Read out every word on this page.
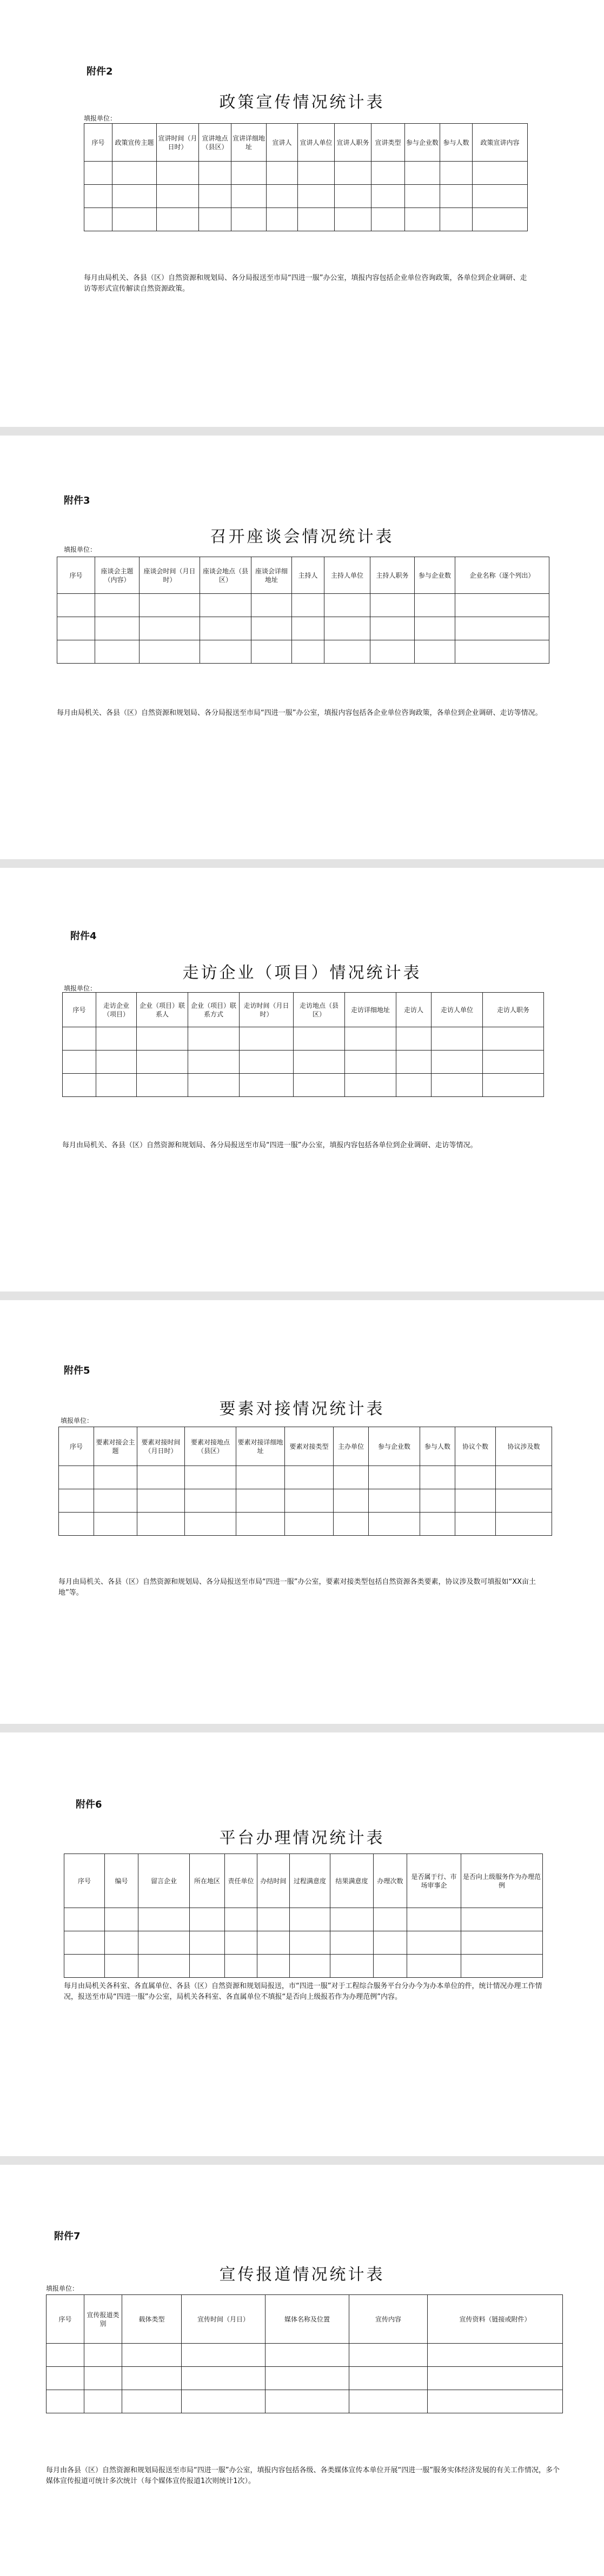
附件2
政策宣传情况统计表
填报单位：
序号	政策宣传主题	宣讲时间（月日时）	宣讲地点（县区）	宣讲详细地址	宣讲人	宣讲人单位	宣讲人职务	宣讲类型	参与企业数	参与人数	政策宣讲内容

每月由局机关、各县（区）自然资源和规划局、各分局报送至市局“四进一服”办公室，填报内容包括企业单位咨询政策，各单位到企业调研、走访等形式宣传解读自然资源政策。
附件3
召开座谈会情况统计表
填报单位：
序号	座谈会主题（内容）	座谈会时间（月日时）	座谈会地点（县区）	座谈会详细地址	主持人	主持人单位	主持人职务	参与企业数	企业名称（逐个列出）

每月由局机关、各县（区）自然资源和规划局、各分局报送至市局“四进一服”办公室，填报内容包括各企业单位咨询政策，各单位到企业调研、走访等情况。
附件4
走访企业（项目）情况统计表
填报单位：
序号	走访企业（项目）	企业（项目）联系人	企业（项目）联系方式	走访时间（月日时）	走访地点（县区）	走访详细地址	走访人	走访人单位	走访人职务

每月由局机关、各县（区）自然资源和规划局、各分局报送至市局“四进一服”办公室，填报内容包括各单位到企业调研、走访等情况。
附件5
要素对接情况统计表
填报单位：
序号	要素对接会主题	要素对接时间（月日时）	要素对接地点（县区）	要素对接详细地址	要素对接类型	主办单位	参与企业数	参与人数	协议个数	协议涉及数

每月由局机关、各县（区）自然资源和规划局、各分局报送至市局“四进一服”办公室，要素对接类型包括自然资源各类要素，协议涉及数可填报如“XX亩土地”等。
附件6
平台办理情况统计表
序号	编号	留言企业	所在地区	责任单位	办结时间	过程满意度	结果满意度	办理次数	是否属于行、市场审事企	是否向上级服务作为办理范例

每月由局机关各科室、各直属单位、各县（区）自然资源和规划局报送，市“四进一服”对于工程综合服务平台分办今为办本单位的件，统计情况办理工作情况，报送至市局“四进一服”办公室，局机关各科室、各直属单位不填报“是否向上级报若作为办理范例”内容。
附件7
宣传报道情况统计表
填报单位：
序号	宣传报道类别	载体类型	宣传时间（月日）	媒体名称及位置	宣传内容	宣传资料（链接或附件）

每月由各县（区）自然资源和规划局报送至市局“四进一服”办公室，填报内容包括各级、各类媒体宣传本单位开展“四进一服”服务实体经济发展的有关工作情况，多个媒体宣传报道可统计多次统计（每个媒体宣传报道1次则统计1次）。
